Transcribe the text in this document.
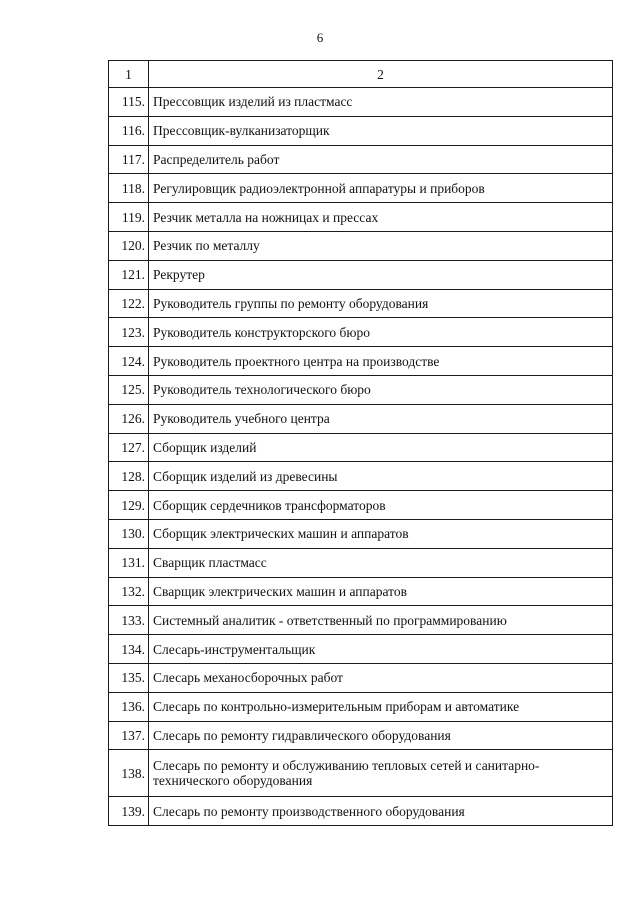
6
1	2
115.	Прессовщик изделий из пластмасс
116.	Прессовщик-вулканизаторщик
117.	Распределитель работ
118.	Регулировщик радиоэлектронной аппаратуры и приборов
119.	Резчик металла на ножницах и прессах
120.	Резчик по металлу
121.	Рекрутер
122.	Руководитель группы по ремонту оборудования
123.	Руководитель конструкторского бюро
124.	Руководитель проектного центра на производстве
125.	Руководитель технологического бюро
126.	Руководитель учебного центра
127.	Сборщик изделий
128.	Сборщик изделий из древесины
129.	Сборщик сердечников трансформаторов
130.	Сборщик электрических машин и аппаратов
131.	Сварщик пластмасс
132.	Сварщик электрических машин и аппаратов
133.	Системный аналитик - ответственный по программированию
134.	Слесарь-инструментальщик
135.	Слесарь механосборочных работ
136.	Слесарь по контрольно-измерительным приборам и автоматике
137.	Слесарь по ремонту гидравлического оборудования
138.	Слесарь по ремонту и обслуживанию тепловых сетей и санитарно-технического оборудования
139.	Слесарь по ремонту производственного оборудования
